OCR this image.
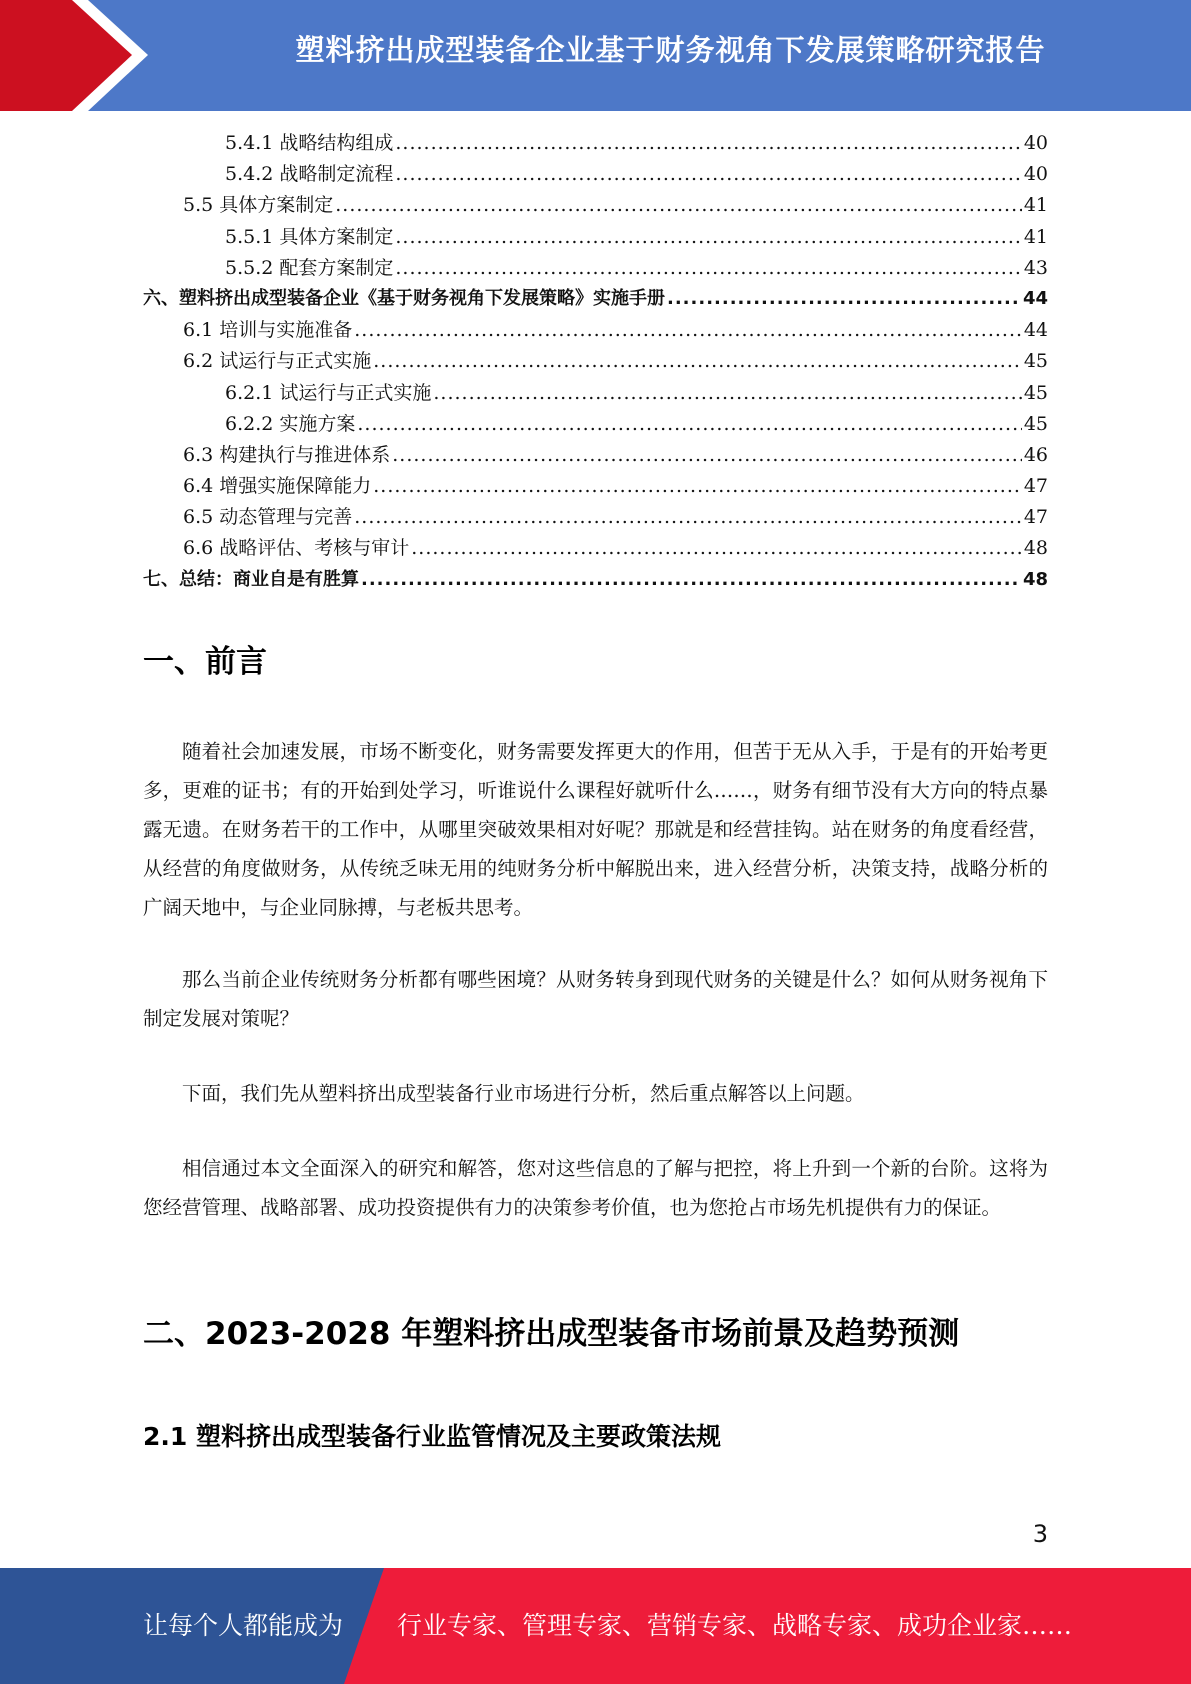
塑料挤出成型装备企业基于财务视角下发展策略研究报告
5.4.1 战略结构组成 .....	40
5.4.2 战略制定流程 .....	40
5.5 具体方案制定 .....	41
5.5.1 具体方案制定 .....	41
5.5.2 配套方案制定 .....	43
六、塑料挤出成型装备企业《基于财务视角下发展策略》实施手册 .....	44
6.1 培训与实施准备 .....	44
6.2 试运行与正式实施 .....	45
6.2.1 试运行与正式实施 .....	45
6.2.2 实施方案 .....	45
6.3 构建执行与推进体系 .....	46
6.4 增强实施保障能力 .....	47
6.5 动态管理与完善 .....	47
6.6 战略评估、考核与审计 .....	48
七、总结：商业自是有胜算 .....	48
一、前言

随着社会加速发展，市场不断变化，财务需要发挥更大的作用，但苦于无从入手，于是有的开始考更多，更难的证书；有的开始到处学习，听谁说什么课程好就听什么……，财务有细节没有大方向的特点暴露无遗。在财务若干的工作中，从哪里突破效果相对好呢？那就是和经营挂钩。站在财务的角度看经营，从经营的角度做财务，从传统乏味无用的纯财务分析中解脱出来，进入经营分析，决策支持，战略分析的广阔天地中，与企业同脉搏，与老板共思考。

那么当前企业传统财务分析都有哪些困境？从财务转身到现代财务的关键是什么？如何从财务视角下制定发展对策呢？

下面，我们先从塑料挤出成型装备行业市场进行分析，然后重点解答以上问题。

相信通过本文全面深入的研究和解答，您对这些信息的了解与把控，将上升到一个新的台阶。这将为您经营管理、战略部署、成功投资提供有力的决策参考价值，也为您抢占市场先机提供有力的保证。

二、2023-2028 年塑料挤出成型装备市场前景及趋势预测
2.1 塑料挤出成型装备行业监管情况及主要政策法规
3
让每个人都能成为 行业专家、管理专家、营销专家、战略专家、成功企业家……
